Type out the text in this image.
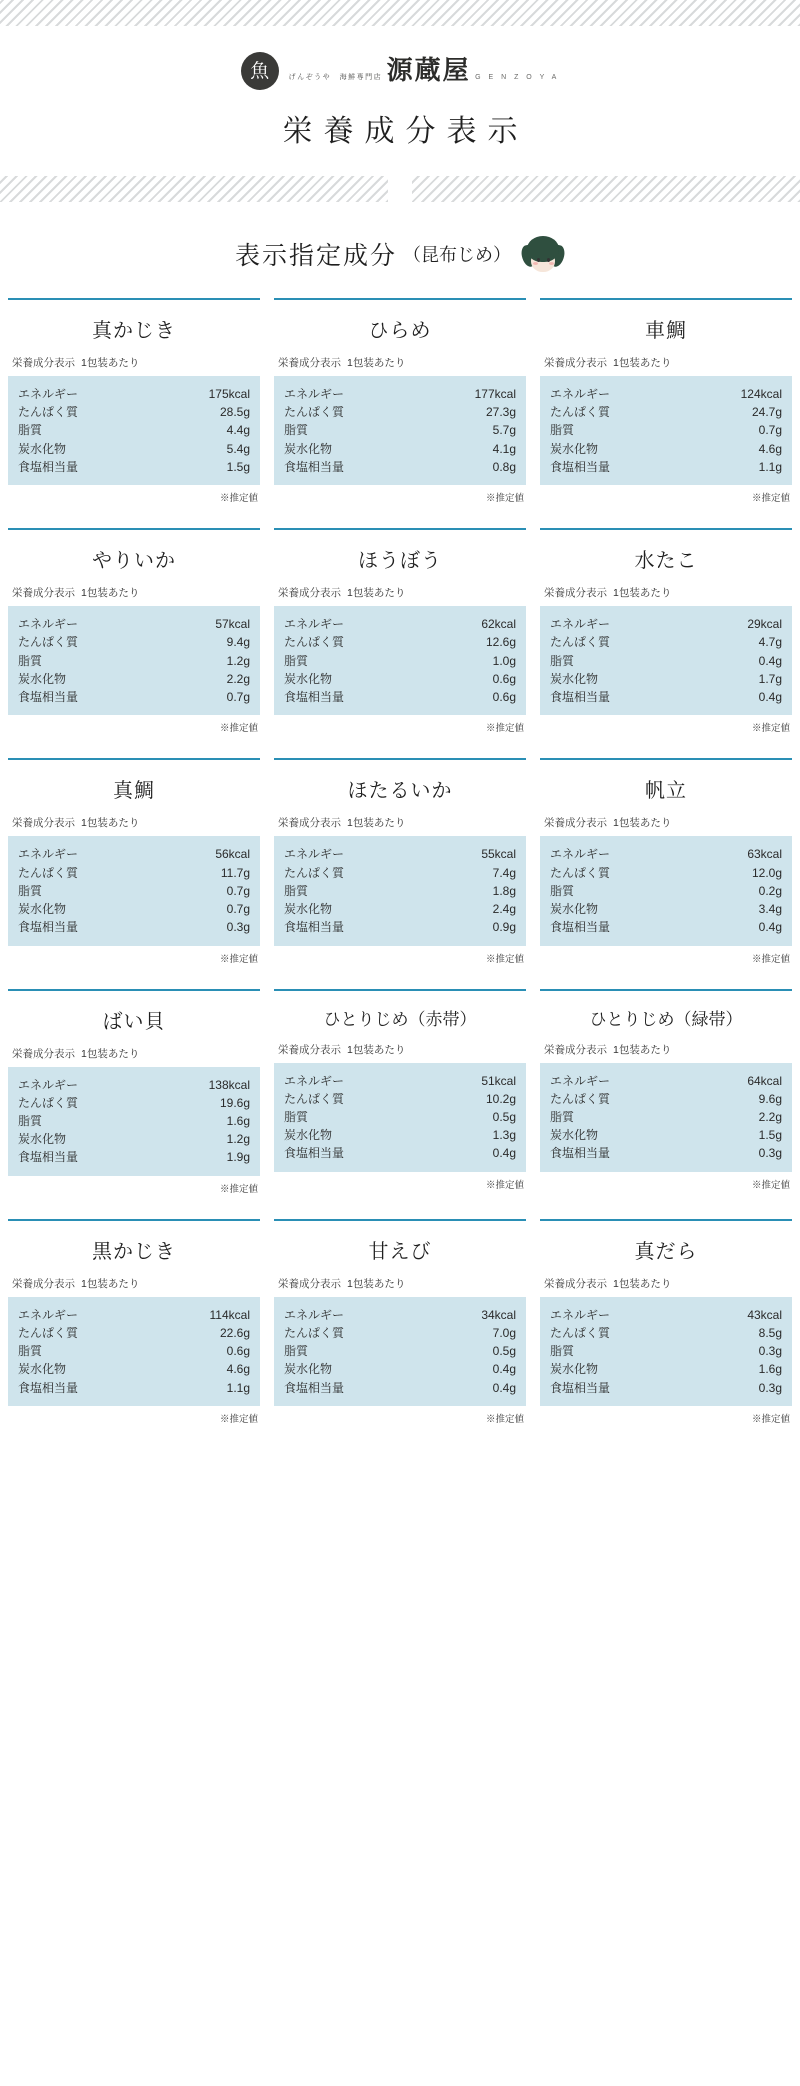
魚	げんぞうや　海鮮専門店 源蔵屋 G E N Z O Y A
栄養成分表示
表示指定成分 （昆布じめ）
真かじき
栄養成分表示 1包装あたり
エネルギー	175kcal
たんぱく質	28.5g
脂質	4.4g
炭水化物	5.4g
食塩相当量	1.5g
※推定値
ひらめ
栄養成分表示 1包装あたり
エネルギー	177kcal
たんぱく質	27.3g
脂質	5.7g
炭水化物	4.1g
食塩相当量	0.8g
※推定値
車鯛
栄養成分表示 1包装あたり
エネルギー	124kcal
たんぱく質	24.7g
脂質	0.7g
炭水化物	4.6g
食塩相当量	1.1g
※推定値
やりいか
栄養成分表示 1包装あたり
エネルギー	57kcal
たんぱく質	9.4g
脂質	1.2g
炭水化物	2.2g
食塩相当量	0.7g
※推定値
ほうぼう
栄養成分表示 1包装あたり
エネルギー	62kcal
たんぱく質	12.6g
脂質	1.0g
炭水化物	0.6g
食塩相当量	0.6g
※推定値
水たこ
栄養成分表示 1包装あたり
エネルギー	29kcal
たんぱく質	4.7g
脂質	0.4g
炭水化物	1.7g
食塩相当量	0.4g
※推定値
真鯛
栄養成分表示 1包装あたり
エネルギー	56kcal
たんぱく質	11.7g
脂質	0.7g
炭水化物	0.7g
食塩相当量	0.3g
※推定値
ほたるいか
栄養成分表示 1包装あたり
エネルギー	55kcal
たんぱく質	7.4g
脂質	1.8g
炭水化物	2.4g
食塩相当量	0.9g
※推定値
帆立
栄養成分表示 1包装あたり
エネルギー	63kcal
たんぱく質	12.0g
脂質	0.2g
炭水化物	3.4g
食塩相当量	0.4g
※推定値
ばい貝
栄養成分表示 1包装あたり
エネルギー	138kcal
たんぱく質	19.6g
脂質	1.6g
炭水化物	1.2g
食塩相当量	1.9g
※推定値
ひとりじめ（赤帯）
栄養成分表示 1包装あたり
エネルギー	51kcal
たんぱく質	10.2g
脂質	0.5g
炭水化物	1.3g
食塩相当量	0.4g
※推定値
ひとりじめ（緑帯）
栄養成分表示 1包装あたり
エネルギー	64kcal
たんぱく質	9.6g
脂質	2.2g
炭水化物	1.5g
食塩相当量	0.3g
※推定値
黒かじき
栄養成分表示 1包装あたり
エネルギー	114kcal
たんぱく質	22.6g
脂質	0.6g
炭水化物	4.6g
食塩相当量	1.1g
※推定値
甘えび
栄養成分表示 1包装あたり
エネルギー	34kcal
たんぱく質	7.0g
脂質	0.5g
炭水化物	0.4g
食塩相当量	0.4g
※推定値
真だら
栄養成分表示 1包装あたり
エネルギー	43kcal
たんぱく質	8.5g
脂質	0.3g
炭水化物	1.6g
食塩相当量	0.3g
※推定値
